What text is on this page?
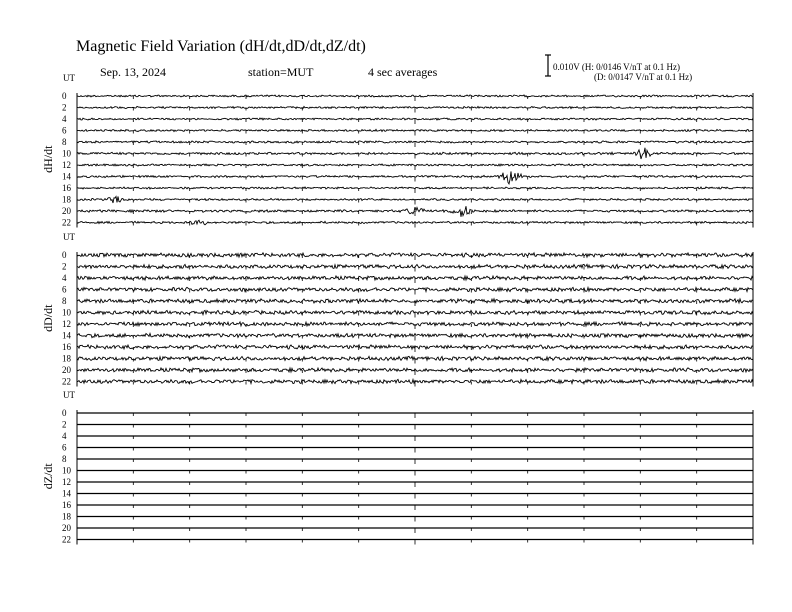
Magnetic Field Variation (dH/dt,dD/dt,dZ/dt)
Sep. 13, 2024	station=MUT	4 sec averages	0.010V (H: 0/0146 V/nT at 0.1 Hz)
(D: 0/0147 V/nT at 0.1 Hz)
UT
dH/dt
0
2
4
6
8
10
12
14
16
18
20
22
UT
dD/dt
0
2
4
6
8
10
12
14
16
18
20
22
UT
dZ/dt
0
2
4
6
8
10
12
14
16
18
20
22
